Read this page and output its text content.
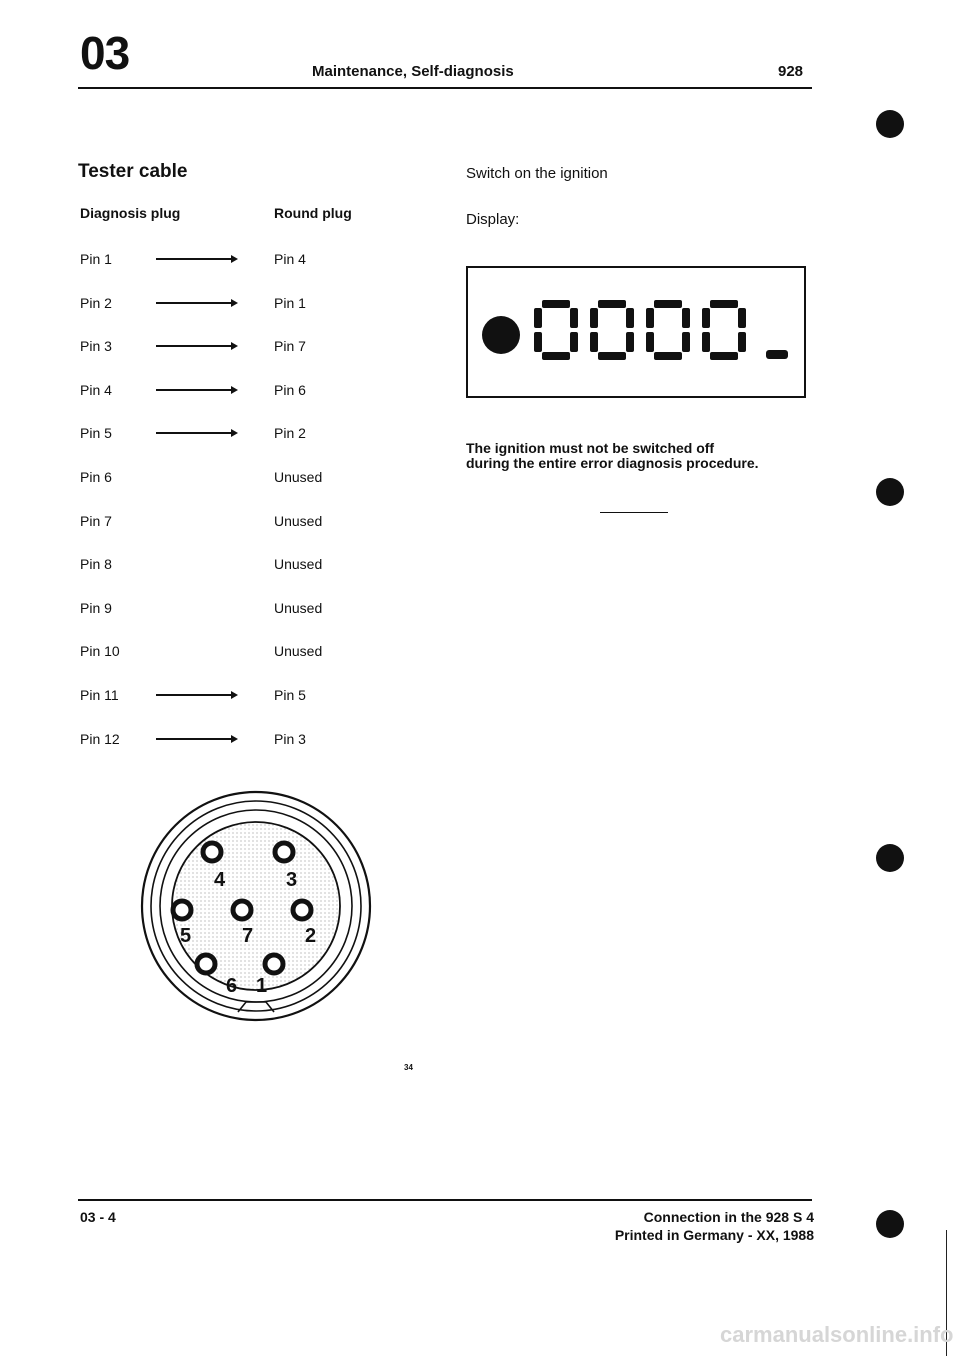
03	Maintenance, Self-diagnosis	928
Tester cable
Diagnosis plug	Round plug
Pin 1	Pin 4
Pin 2	Pin 1
Pin 3	Pin 7
Pin 4	Pin 6
Pin 5	Pin 2
Pin 6	Unused
Pin 7	Unused
Pin 8	Unused
Pin 9	Unused
Pin 10	Unused
Pin 11	Pin 5
Pin 12	Pin 3
Switch on the ignition
Display:
The ignition must not be switched off
during the entire error diagnosis procedure.
4	3
5	7	2
6 1
34
03 - 4	Connection in the 928 S 4
Printed in Germany - XX, 1988
carmanualsonline.info
